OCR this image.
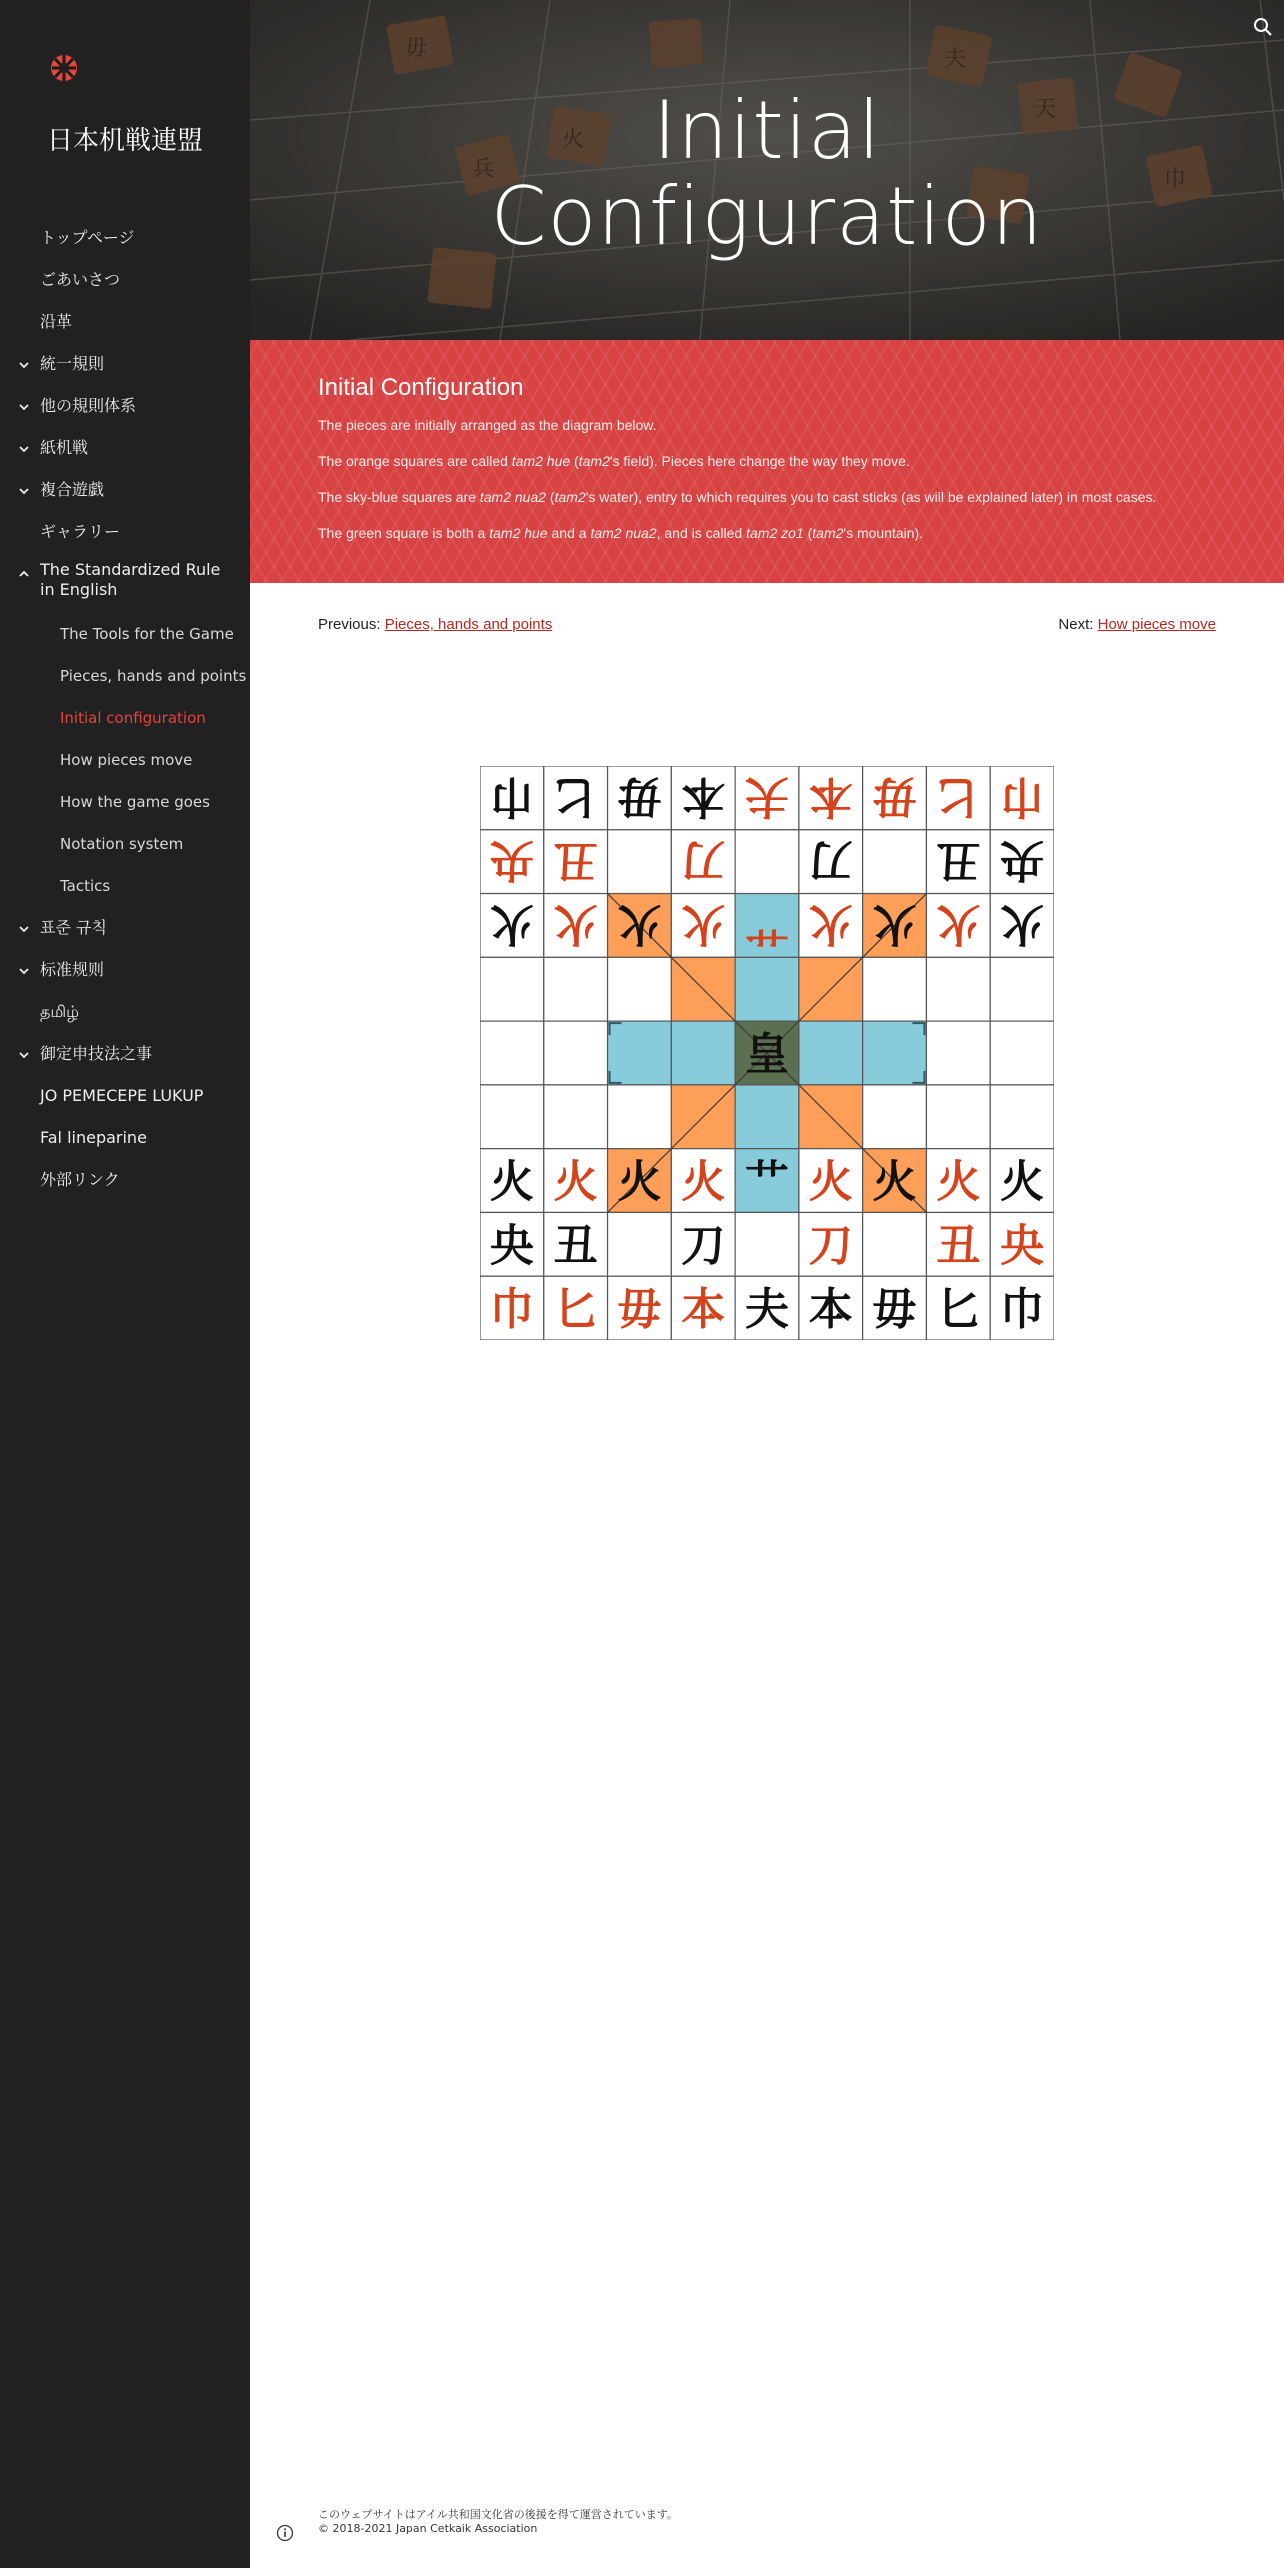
日本机戦連盟
トップページ
ごあいさつ
沿革
統一規則
他の規則体系
紙机戦
複合遊戯
ギャラリー
The Standardized Rule in English
The Tools for the Game
Pieces, hands and points
Initial configuration
How pieces move
How the game goes
Notation system
Tactics
표준 규칙
标准规则
தமிழ்
御定申技法之事
JO PEMECEPE LUKUP
Fal lineparine
外部リンク
毋
火
兵
夫
天
巾
Initial
Configuration
Initial Configuration

The pieces are initially arranged as the diagram below.

The orange squares are called tam2 hue (tam2's field). Pieces here change the way they move.

The sky-blue squares are tam2 nua2 (tam2's water), entry to which requires you to cast sticks (as will be explained later) in most cases.

The green square is both a tam2 hue and a tam2 nua2, and is called tam2 zo1 (tam2's mountain).

Previous: Pieces, hands and points	Next: How pieces move
巾 ⼔ 毋 本 夫 本 毋 ⼔ 巾
央 丑 ⼑ ⼑ 丑 央
⽕ ⽕ ⽕ ⽕ 艹 ⽕ ⽕ ⽕ ⽕
皇
⽕ ⽕ ⽕ ⽕ 艹 ⽕ ⽕ ⽕ ⽕
央 丑 ⼑ ⼑ 丑 央
巾 ⼔ 毋 本 夫 本 毋 ⼔ 巾
このウェブサイトはアイル共和国文化省の後援を得て運営されています。
© 2018-2021 Japan Cetkaik Association
